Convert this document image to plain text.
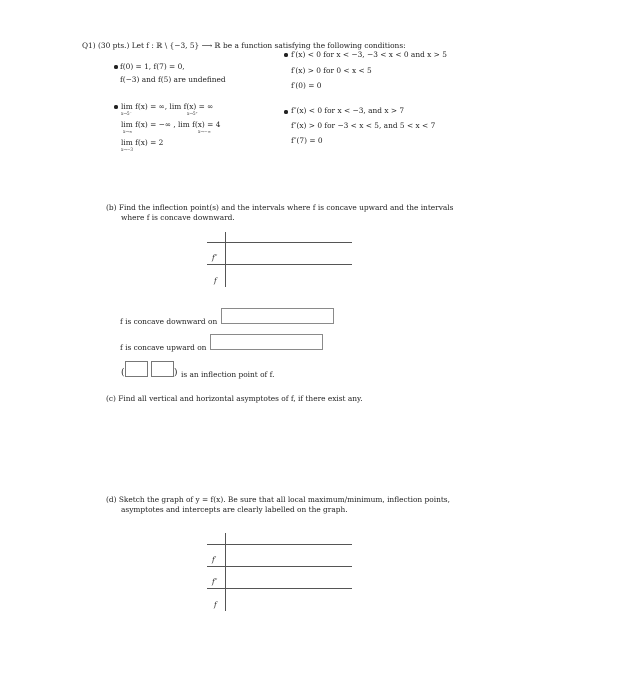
Q1) (30 pts.) Let f : ℝ \ {−3, 5} ⟶ ℝ be a function satisfying the following conditions:
f(0) = 1, f(7) = 0,
f(−3) and f(5) are undefined
f′(x) < 0 for x < −3, −3 < x < 0 and x > 5
f′(x) > 0 for 0 < x < 5
f′(0) = 0
lim f(x) = ∞, lim f(x) = ∞
x→5⁻	x→5⁺
lim f(x) = −∞ , lim f(x) = 4
x→∞	x→−∞
lim f(x) = 2
x→−3
f″(x) < 0 for x < −3, and x > 7
f″(x) > 0 for −3 < x < 5, and 5 < x < 7
f″(7) = 0
(b) Find the inflection point(s) and the intervals where f is concave upward and the intervals
where f is concave downward.
f″
f
f is concave downward on
f is concave upward on
(	) is an inflection point of f.
(c) Find all vertical and horizontal asymptotes of f, if there exist any.
(d) Sketch the graph of y = f(x). Be sure that all local maximum/minimum, inflection points,
asymptotes and intercepts are clearly labelled on the graph.
f′
f″
f
